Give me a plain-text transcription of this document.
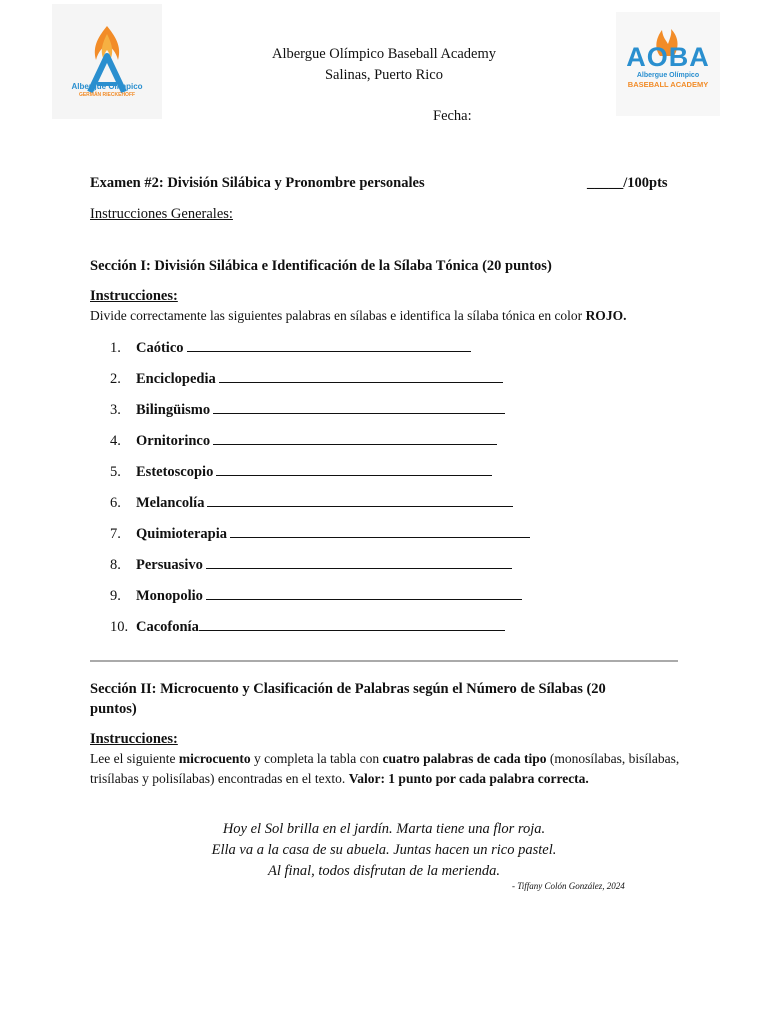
Albergue Olímpico
GERMÁN RIECKEHOFF
AOBA
Albergue Olímpico
BASEBALL ACADEMY
Albergue Olímpico Baseball Academy
Salinas, Puerto Rico
Fecha:
Examen #2: División Silábica y Pronombre personales	_____/100pts
Instrucciones Generales:
Sección I: División Silábica e Identificación de la Sílaba Tónica (20 puntos)
Instrucciones:
Divide correctamente las siguientes palabras en sílabas e identifica la sílaba tónica en color ROJO.
1. Caótico
2. Enciclopedia
3. Bilingüismo
4. Ornitorinco
5. Estetoscopio
6. Melancolía
7. Quimioterapia
8. Persuasivo
9. Monopolio
10. Cacofonía
Sección II: Microcuento y Clasificación de Palabras según el Número de Sílabas (20 puntos)
Instrucciones:
Lee el siguiente microcuento y completa la tabla con cuatro palabras de cada tipo (monosílabas, bisílabas, trisílabas y polisílabas) encontradas en el texto. Valor: 1 punto por cada palabra correcta.
Hoy el Sol brilla en el jardín. Marta tiene una flor roja.
Ella va a la casa de su abuela. Juntas hacen un rico pastel.
Al final, todos disfrutan de la merienda.
- Tiffany Colón González, 2024
